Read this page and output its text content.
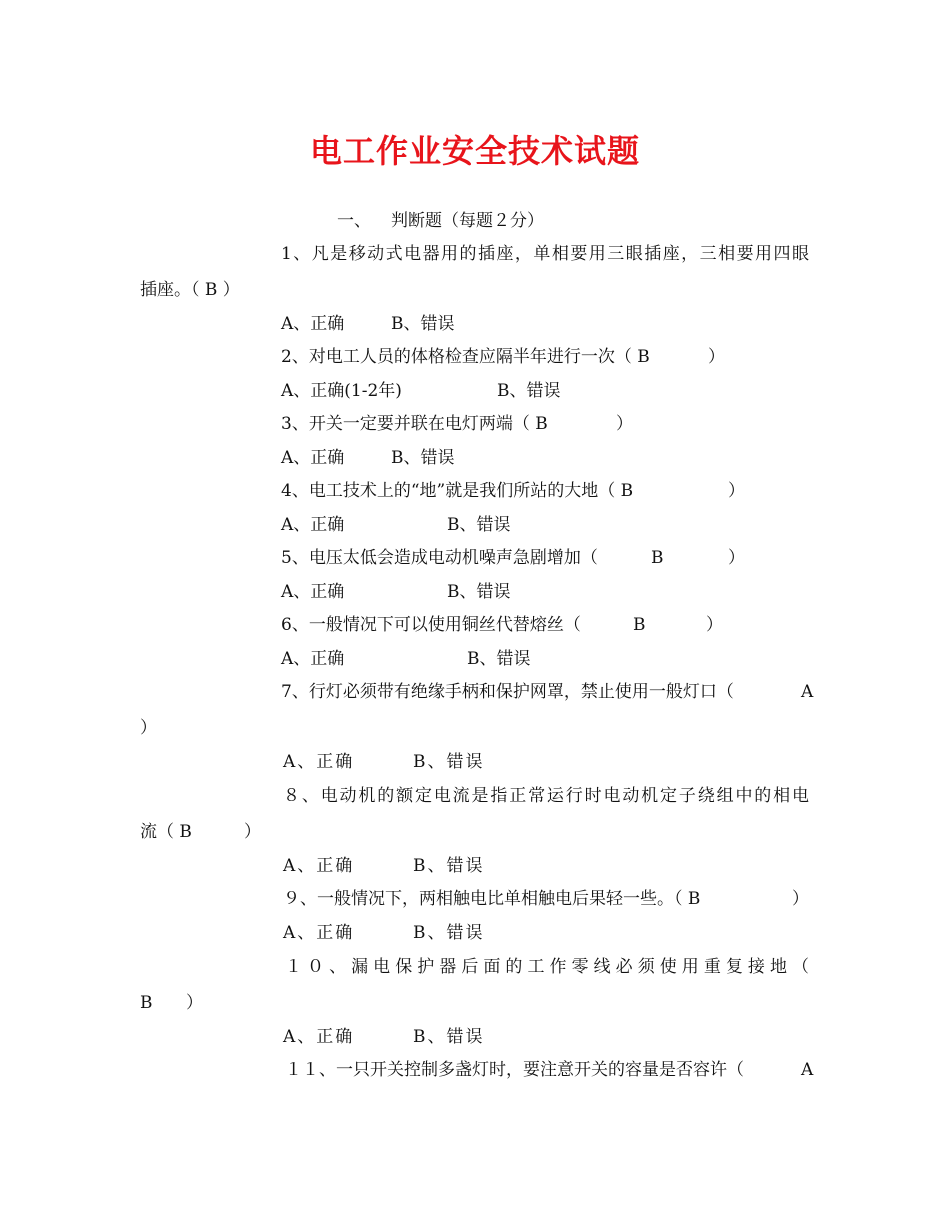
电工作业安全技术试题
一、 判断题（每题２分）
1、凡是移动式电器用的插座，单相要用三眼插座，三相要用四眼
插座。（ B ）
A、正确	B、错误
2、对电工人员的体格检查应隔半年进行一次（ B	）
A、正确(1-2年)	B、错误
3、开关一定要并联在电灯两端（ B	）
A、正确	B、错误
4、电工技术上的“地”就是我们所站的大地（ B	）
A、正确	B、错误
5、电压太低会造成电动机噪声急剧增加（	B	）
A、正确	B、错误
6、一般情况下可以使用铜丝代替熔丝（	B	）
A、正确	B、错误
7、行灯必须带有绝缘手柄和保护网罩，禁止使用一般灯口（	A
）
A、正确	B、错误
８、电动机的额定电流是指正常运行时电动机定子绕组中的相电
流（ B	）
A、正确	B、错误
９、一般情况下，两相触电比单相触电后果轻一些。（ B	）
A、正确	B、错误
１０、漏电保护器后面的工作零线必须使用重复接地（
B ）
A、正确	B、错误
１１、一只开关控制多盏灯时，要注意开关的容量是否容许（	A
